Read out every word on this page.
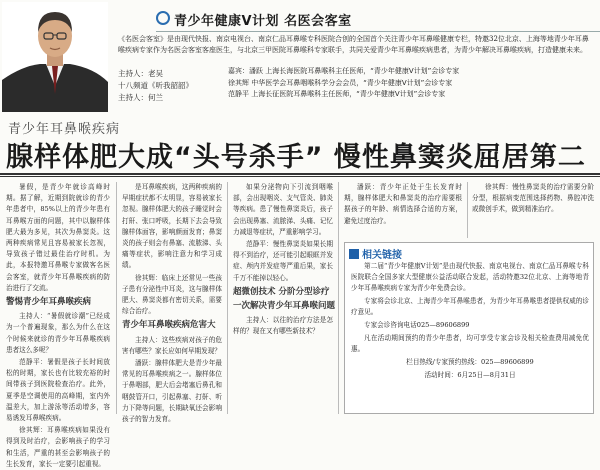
青少年健康V计划 名医会客室
《名医会客室》是由现代快报、南京电视台、南京仁品耳鼻喉专科医院合创的全国首个关注青少年耳鼻喉健康专栏，特邀32位北京、上海等地青少年耳鼻喉疾病专家作为名医会客室客座医生，与北京三甲医院耳鼻喉科专家联手，共同关爱青少年耳鼻喉疾病患者，为青少年解决耳鼻喉疾病，打造健康未来。
主持人：老吴
十八频道《听我韶韶》
主持人：何兰
嘉宾：潘跃 上海长海医院耳鼻喉科主任医师，“青少年健康V计划”会诊专家
徐其辉 中华医学会耳鼻咽喉科学分会会员，“青少年健康V计划”会诊专家
范静平 上海长征医院耳鼻喉科主任医师，“青少年健康V计划”会诊专家
青少年耳鼻喉疾病
腺样体肥大成“头号杀手” 慢性鼻窦炎屈居第二

暑假，是青少年就诊高峰时期。据了解，近期到院就诊的青少年患者中，85%以上的青少年患有耳鼻喉方面的问题，其中以腺样体肥大最为多见，其次为鼻窦炎。这两种疾病常见且容易被家长忽视，导致孩子错过最佳治疗时机。为此，本报特邀耳鼻喉专家做客名医会客室，就青少年耳鼻喉疾病的防治进行了交流。

警惕青少年耳鼻喉疾病

主持人：“暑假就诊潮”已经成为一个普遍现象，那么为什么在这个时候来就诊的青少年耳鼻喉疾病患者这么多呢？

范静平：暑假是孩子长时间放松的时期，家长也有比较充裕的时间带孩子到医院检查治疗。此外，夏季是空调使用的高峰期，室内外温差大，加上游泳等活动增多，容易诱发耳鼻喉疾病。

徐其辉：耳鼻喉疾病如果没有得到及时治疗，会影响孩子的学习和生活，严重的甚至会影响孩子的生长发育，家长一定要引起重视。

是耳鼻喉疾病，这两种疾病的早期症状都不太明显，容易被家长忽视。腺样体肥大的孩子睡觉时会打鼾、张口呼吸，长期下去会导致腺样体面容，影响颜面发育；鼻窦炎的孩子则会有鼻塞、流脓涕、头痛等症状，影响注意力和学习成绩。

徐其辉：临床上还常见一些孩子患有分泌性中耳炎，这与腺样体肥大、鼻窦炎都有密切关系，需要综合治疗。

青少年耳鼻喉疾病危害大

主持人：这些疾病对孩子的危害有哪些？家长应如何早期发现？

潘跃：腺样体肥大是青少年最常见的耳鼻喉疾病之一。腺样体位于鼻咽部，肥大后会堵塞后鼻孔和咽鼓管开口，引起鼻塞、打鼾、听力下降等问题，长期缺氧还会影响孩子的智力发育。

如果分泌物向下引流到咽喉部，会出现咽炎、支气管炎、肺炎等疾病。患了慢性鼻窦炎后，孩子会出现鼻塞、流脓涕、头痛、记忆力减退等症状，严重影响学习。

范静平：慢性鼻窦炎如果长期得不到治疗，还可能引起眼眶并发症、颅内并发症等严重后果，家长千万不能掉以轻心。

超微创技术 分阶分型诊疗
一次解决青少年耳鼻喉问题

主持人：以往的治疗方法是怎样的？现在又有哪些新技术？

潘跃：青少年正处于生长发育时期，腺样体肥大和鼻窦炎的治疗需要根据孩子的年龄、病情选择合适的方案，避免过度治疗。

徐其辉：慢性鼻窦炎的治疗需要分阶分型，根据病变范围选择药物、鼻腔冲洗或微创手术，做到精准治疗。

相关链接

第二届“青少年健康V计划”是由现代快报、南京电视台、南京仁品耳鼻喉专科医院联合全国多家大型健康公益活动联合发起，活动特邀32位北京、上海等地青少年耳鼻喉疾病专家为青少年免费会诊。

专家将会诊北京、上海青少年耳鼻喉患者，为青少年耳鼻喉患者提供权威的诊疗意见。

专家会诊咨询电话025—89606899

凡在活动期间预约的青少年患者，均可享受专家会诊及相关检查费用减免优惠。

栏目热线/专家预约热线：025—89606899

活动时间：6月25日—8月31日
